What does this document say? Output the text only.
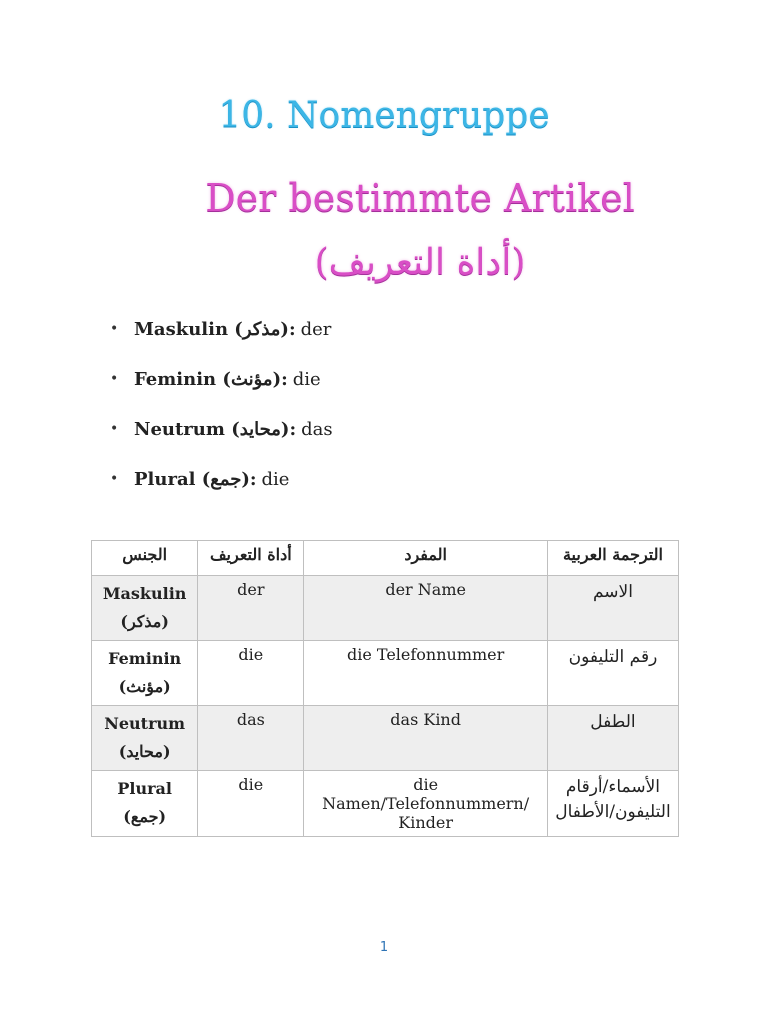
10. Nomengruppe
Der bestimmte Artikel
(أداة التعريف)
• Maskulin (مذكر): der
• Feminin (مؤنث): die
• Neutrum (محايد): das
• Plural (جمع): die
الجنس	أداة التعريف	المفرد	الترجمة العربية
Maskulin (مذكر)	der	der Name	الاسم
Feminin (مؤنث)	die	die Telefonnummer	رقم التليفون
Neutrum (محايد)	das	das Kind	الطفل
Plural (جمع)	die	die Namen/Telefonnummern/ Kinder	الأسماء/أرقام التليفون/الأطفال
1
